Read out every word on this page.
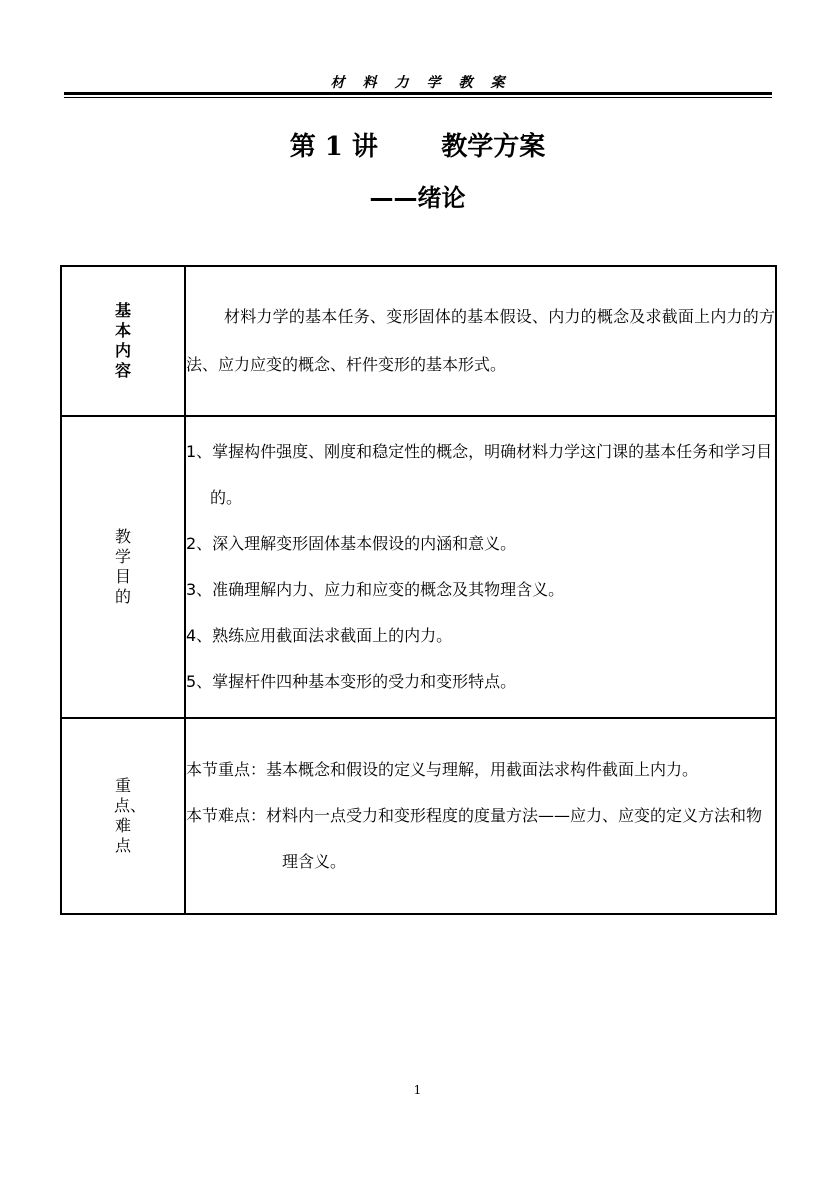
材料力学教案
第 1 讲       教学方案
——绪论
基本内容	材料力学的基本任务、变形固体的基本假设、内力的概念及求截面上内力的方法、应力应变的概念、杆件变形的基本形式。

教学目的	1、掌握构件强度、刚度和稳定性的概念，明确材料力学这门课的基本任务和学习目的。
2、深入理解变形固体基本假设的内涵和意义。
3、准确理解内力、应力和应变的概念及其物理含义。
4、熟练应用截面法求截面上的内力。
5、掌握杆件四种基本变形的受力和变形特点。

重点、难点	本节重点：基本概念和假设的定义与理解，用截面法求构件截面上内力。
本节难点：材料内一点受力和变形程度的度量方法——应力、应变的定义方法和物理含义。
1
